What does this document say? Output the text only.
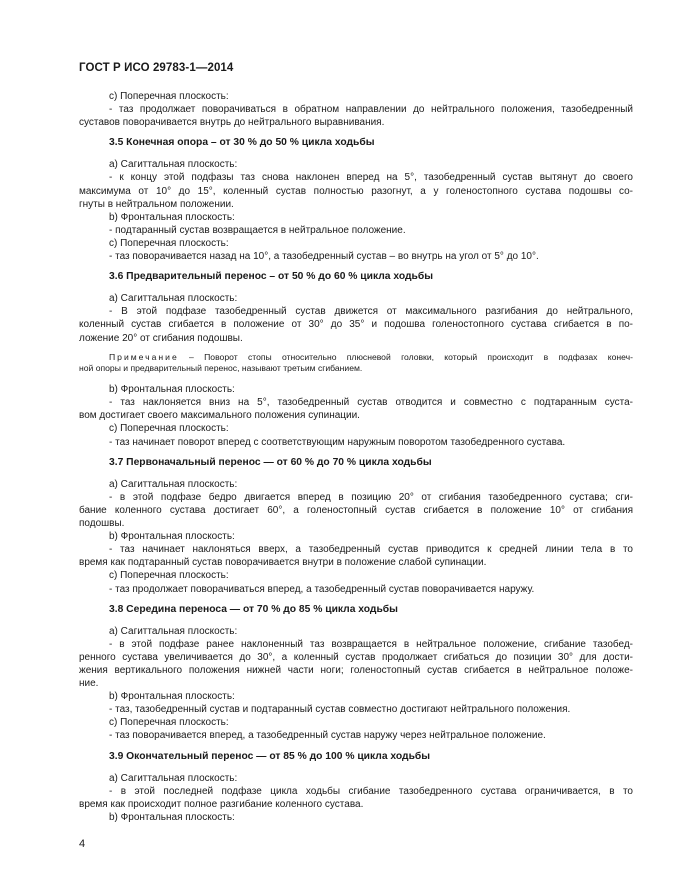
ГОСТ Р ИСО 29783-1—2014

с) Поперечная плоскость:

- таз продолжает поворачиваться в обратном направлении до нейтрального положения, тазобедренный

суставов поворачивается внутрь до нейтрального выравнивания.

3.5 Конечная опора – от 30 % до 50 % цикла ходьбы

а) Сагиттальная плоскость:

- к концу этой подфазы таз снова наклонен вперед на 5°, тазобедренный сустав вытянут до своего

максимума от 10° до 15°, коленный сустав полностью разогнут, а у голеностопного сустава подошвы со-

гнуты в нейтральном положении.

b) Фронтальная плоскость:

- подтаранный сустав возвращается в нейтральное положение.

с) Поперечная плоскость:

- таз поворачивается назад на 10°, а тазобедренный сустав – во внутрь на угол от 5° до 10°.

3.6 Предварительный перенос – от 50 % до 60 % цикла ходьбы

а) Сагиттальная плоскость:

- В этой подфазе тазобедренный сустав движется от максимального разгибания до нейтрального,

коленный сустав сгибается в положение от 30° до 35° и подошва голеностопного сустава сгибается в по-

ложение 20° от сгибания подошвы.

Примечание – Поворот стопы относительно плюсневой головки, который происходит в подфазах конеч-

ной опоры и предварительный перенос, называют третьим сгибанием.

b) Фронтальная плоскость:

- таз наклоняется вниз на 5°, тазобедренный сустав отводится и совместно с подтаранным суста-

вом достигает своего максимального положения супинации.

с) Поперечная плоскость:

- таз начинает поворот вперед с соответствующим наружным поворотом тазобедренного сустава.

3.7 Первоначальный перенос — от 60 % до 70 % цикла ходьбы

а) Сагиттальная плоскость:

- в этой подфазе бедро двигается вперед в позицию 20° от сгибания тазобедренного сустава; сги-

бание коленного сустава достигает 60°, а голеностопный сустав сгибается в положение 10° от сгибания

подошвы.

b) Фронтальная плоскость:

- таз начинает наклоняться вверх, а тазобедренный сустав приводится к средней линии тела в то

время как подтаранный сустав поворачивается внутри в положение слабой супинации.

с) Поперечная плоскость:

- таз продолжает поворачиваться вперед, а тазобедренный сустав поворачивается наружу.

3.8 Середина переноса — от 70 % до 85 % цикла ходьбы

а) Сагиттальная плоскость:

- в этой подфазе ранее наклоненный таз возвращается в нейтральное положение, сгибание тазобед-

ренного сустава увеличивается до 30°, а коленный сустав продолжает сгибаться до позиции 30° для дости-

жения вертикального положения нижней части ноги; голеностопный сустав сгибается в нейтральное положе-

ние.

b) Фронтальная плоскость:

- таз, тазобедренный сустав и подтаранный сустав совместно достигают нейтрального положения.

с) Поперечная плоскость:

- таз поворачивается вперед, а тазобедренный сустав наружу через нейтральное положение.

3.9 Окончательный перенос — от 85 % до 100 % цикла ходьбы

а) Сагиттальная плоскость:

- в этой последней подфазе цикла ходьбы сгибание тазобедренного сустава ограничивается, в то

время как происходит полное разгибание коленного сустава.

b) Фронтальная плоскость:

4
